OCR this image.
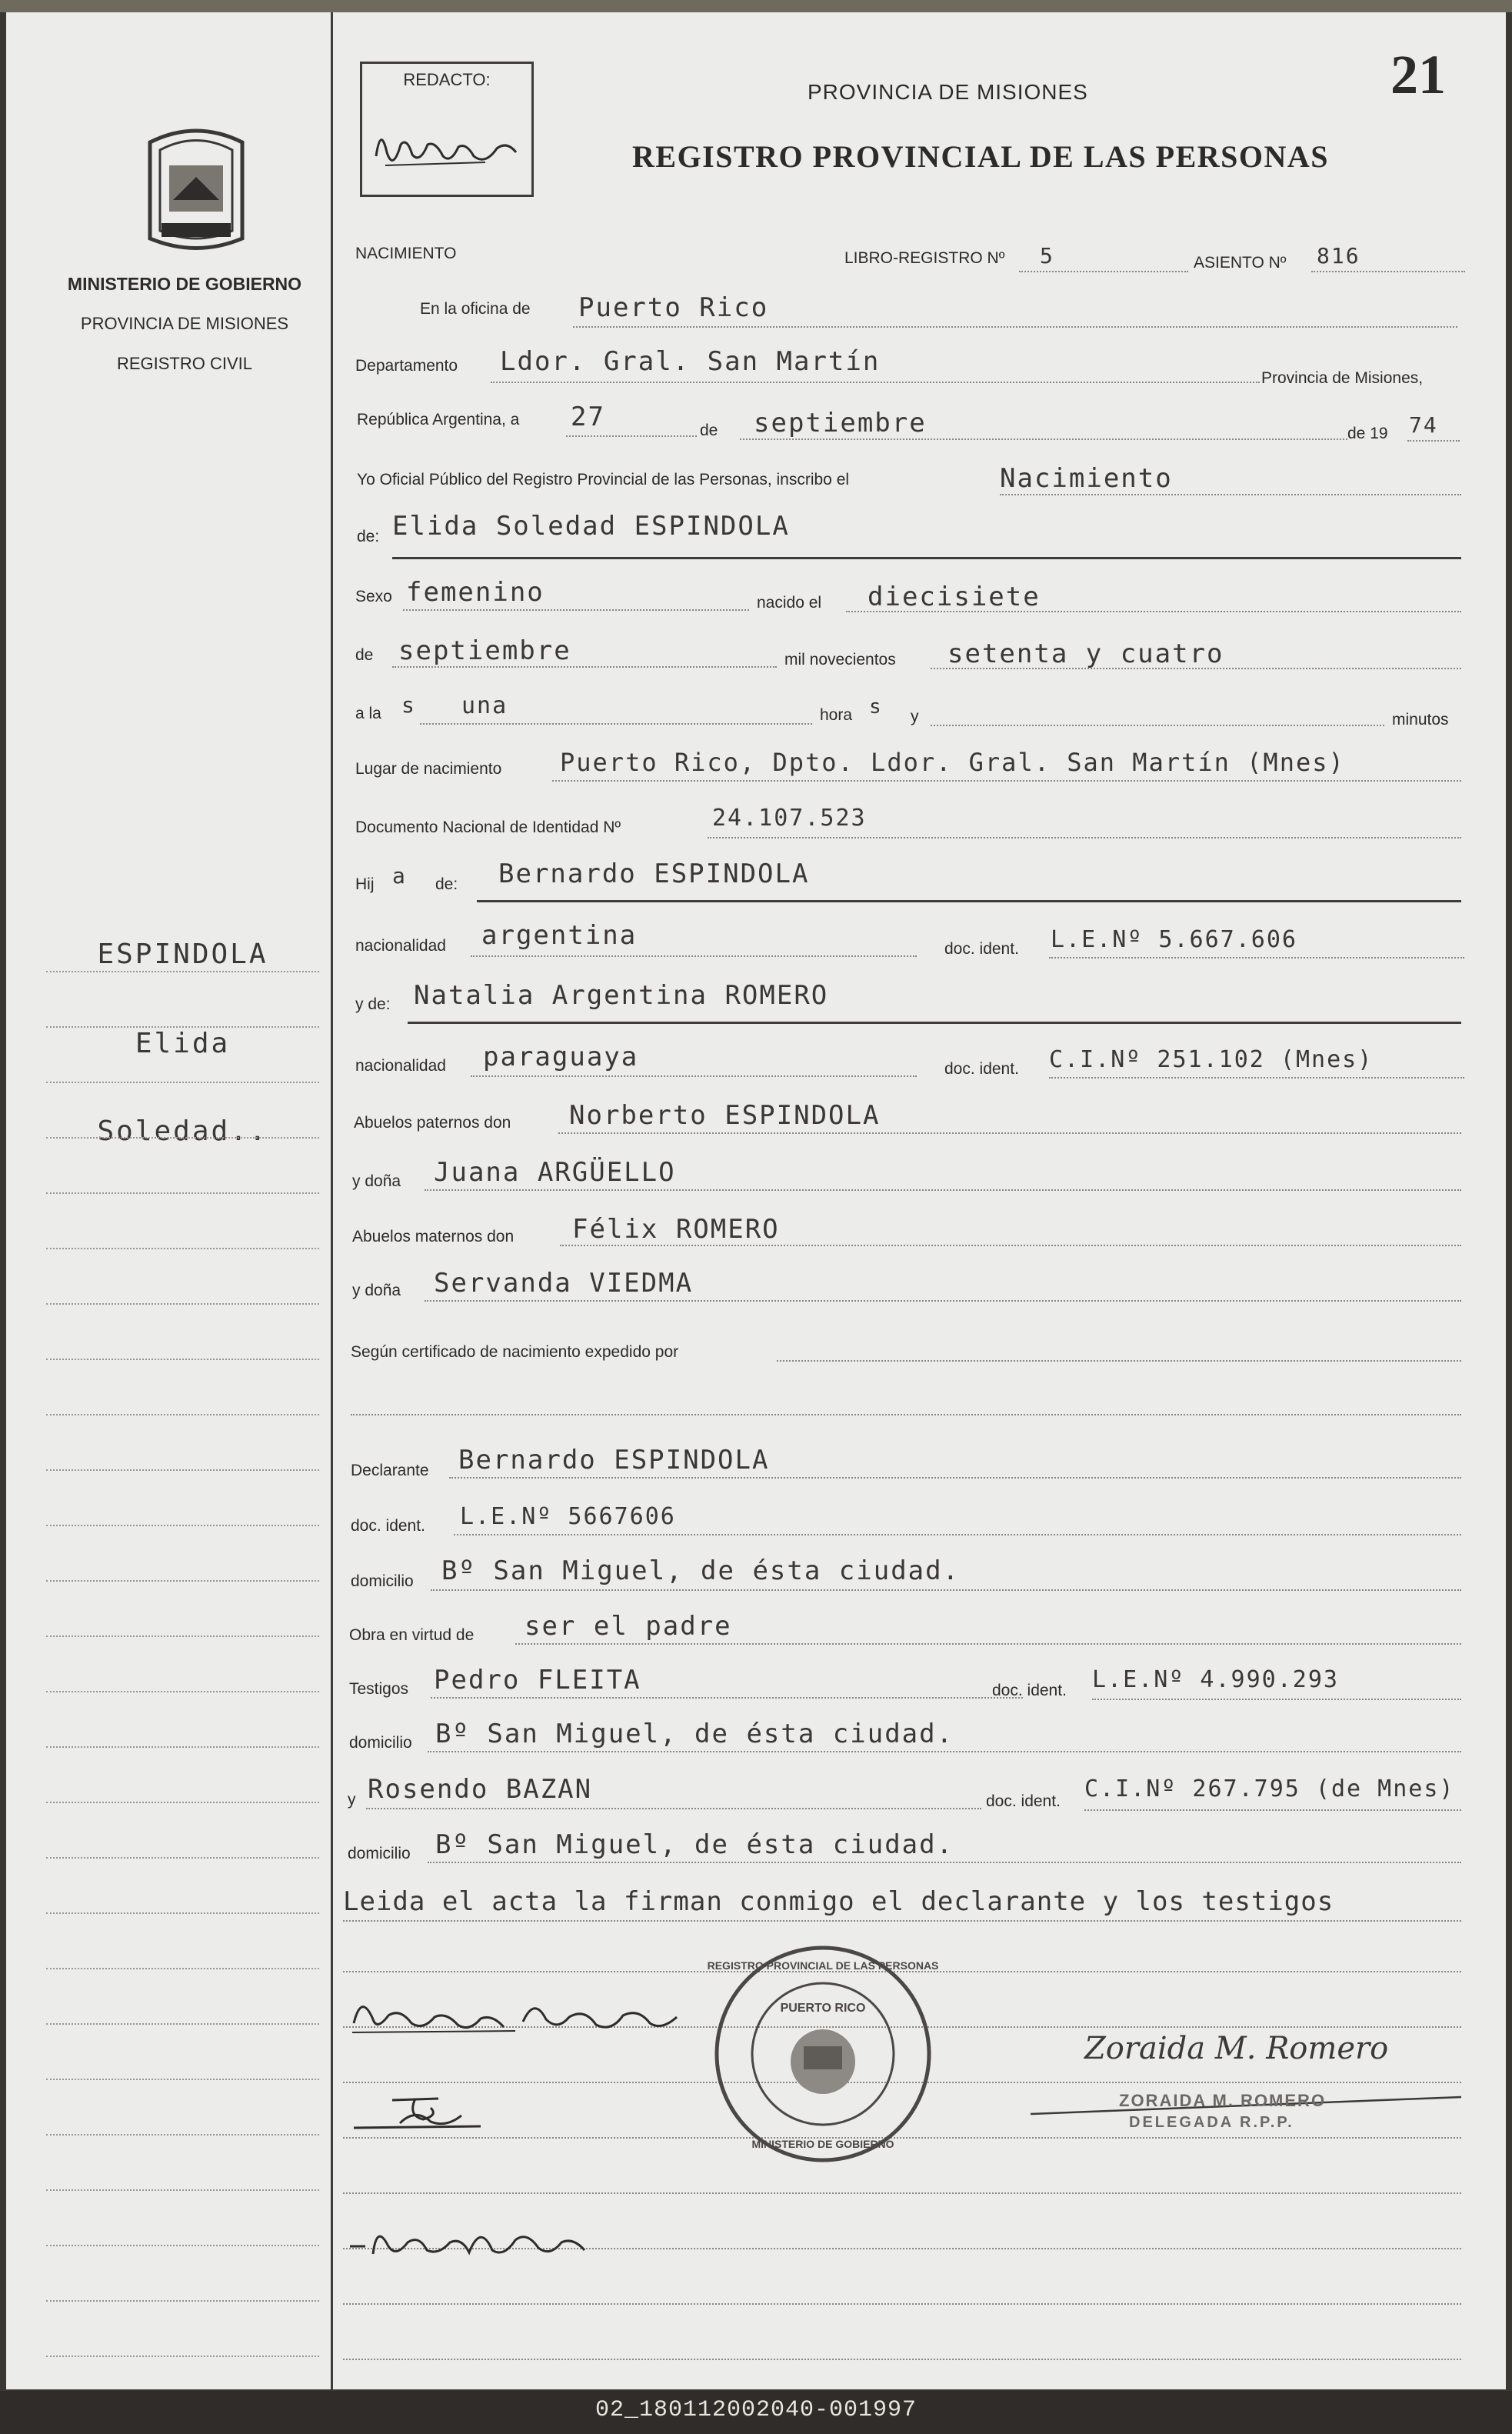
MINISTERIO DE GOBIERNO
PROVINCIA DE MISIONES
REGISTRO CIVIL
ESPINDOLA
Elida
Soledad..
REDACTO:
PROVINCIA DE MISIONES
REGISTRO PROVINCIAL DE LAS PERSONAS
21
NACIMIENTO	LIBRO-REGISTRO Nº 5	ASIENTO Nº 816
En la oficina de Puerto Rico
Departamento Ldor. Gral. San Martín
Provincia de Misiones,
República Argentina, a 27	de septiembre	de 19 74
Yo Oficial Público del Registro Provincial de las Personas, inscribo el	Nacimiento
de: Elida Soledad ESPINDOLA
Sexo femenino	nacido el diecisiete
de septiembre	mil novecientos setenta y cuatro
a la s una	hora s y	minutos
Lugar de nacimiento Puerto Rico, Dpto. Ldor. Gral. San Martín (Mnes)
Documento Nacional de Identidad Nº	24.107.523
Hij a de: Bernardo ESPINDOLA
nacionalidad argentina	doc. ident. L.E.Nº 5.667.606
y de: Natalia Argentina ROMERO
nacionalidad paraguaya	doc. ident. C.I.Nº 251.102 (Mnes)
Abuelos paternos don Norberto ESPINDOLA
y doña Juana ARGÜELLO
Abuelos maternos don Félix ROMERO
y doña Servanda VIEDMA
Según certificado de nacimiento expedido por
Declarante Bernardo ESPINDOLA
doc. ident. L.E.Nº 5667606
domicilio Bº San Miguel, de ésta ciudad.
Obra en virtud de ser el padre
Testigos Pedro FLEITA	doc. ident. L.E.Nº 4.990.293
domicilio Bº San Miguel, de ésta ciudad.
y Rosendo BAZAN	doc. ident. C.I.Nº 267.795 (de Mnes)
domicilio Bº San Miguel, de ésta ciudad.
Leida el acta la firman conmigo el declarante y los testigos
REGISTRO PROVINCIAL DE LAS PERSONAS
PUERTO RICO
MINISTERIO DE GOBIERNO
Zoraida M. Romero
ZORAIDA M. ROMERO
DELEGADA R.P.P.
02_180112002040-001997
